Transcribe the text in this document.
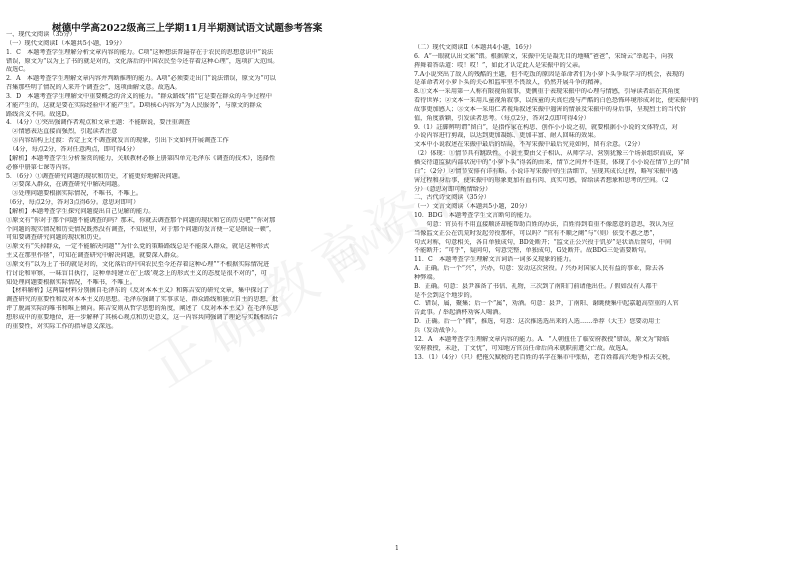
树德中学高2022级高三上学期11月半期测试语文试题参考答案
一、现代文阅读（35分）
（一）现代文阅读Ⅰ（本题共5小题，19分）
1．C　本题考查学生理解分析文章内容的能力。C项“这种想法普遍存在于农民的思想意识中”说法
错误，原文为“以为上了书的就是对的，文化落后的中国农民至今还存着这种心理”，选项扩大范围。
故选C。
2．A　本题考查学生理解文章内容并判断推理的能力。A项“必须要走出门”说法错误，原文为“可以
召集那些明了情况的人来开个调查会”，选项曲解文意。故选A。
3．D　本题考查学生理解文中重要概念的含义的能力。“群众路线”指“它是要在群众的斗争过程中
才能产生的，这就是要在实际经验中才能产生”。D项核心内容为“为人民服务”，与原文的群众
路线含义不同。故选D。
4．（4分）①突出强调作者观点和文章主题：不能瞎说，要注重调查
　②情感表达直接而强烈，引起读者注意
　③内容结构上过渡：否定上文不调查就发言的现象，引出下文如何开展调查工作
　（4分，每点2分，答对任意两点，即可得4分）
【解析】本题考查学生分析鉴赏的能力，关联教材必修上册第四单元毛泽东《调查的技术》，选择性
必修中册第七课等内容。
5．（6分）①调查研究问题的现状和历史，才能更好地解决问题。
　②要深入群众，在调查研究中解决问题。
　③处理问题要根据实际情况，不唯书，不唯上。
（6分，每点2分，答对3点得6分。意思对即可）
【解析】本题考查学生探究问题提出自己见解的能力。
①原文有“你对于那个问题不能调查的吗？那末，你就去调查那个问题的现状和它的历史吧”“你对那
个问题的现实情况和历史情况既然没有调查，不知底里，对于那个问题的发言便一定是瞎说一顿”，
可知要调查研究问题的现状和历史。
②原文有“失掉群众，一定不能解决问题”“为什么党的策略路线总是不能深入群众，就是这种形式
主义在那里作怪”，可知在调查研究中解决问题，就要深入群众。
③原文有“以为上了书的就是对的，文化落后的中国农民至今还存着这种心理”“不根据实际情况进
行讨论和审察，一味盲目执行，这种单纯建立在‘上级’观念上的形式主义的态度是很不对的”，可
知处理问题要根据实际情况，不唯书，不唯上。
　【材料解析】这两篇材料分别摘自毛泽东的《反对本本主义》和陈吉安的研究文章，集中探讨了
调查研究的重要性和反对本本主义的思想。毛泽东强调了实事求是、群众路线和独立自主的思想，批
评了脱离实际的唯书和唯上倾向。陈吉安则从哲学思想的角度，阐述了《反对本本主义》在毛泽东思
想形成中的重要地位，进一步解释了其核心观点和历史意义，这一内容共同强调了理论与实践相结合
的重要性，对实际工作的指导意义深远。
（二）现代文阅读Ⅱ（本题共4小题，16分）
6．A“一眼就认出文案”错。根据原文，宋振中先是凝无目的地喊“爸爸”，宋绮云“举起手，向我
挥舞着答话道：哎！哎！”，如此才认定此人是宋振中的父亲。
7.A小说突出了敌人的残酷的主题，但不吃饭的原因是革命者们为小萝卜头争取学习的机会，表现的
是革命者对小萝卜头的关心和监牢里不畏敌人，仍然开展斗争的精神。
8.①文本一采用第一人称有限视角叙事，更侧重于表现宋振中的心理与情感，引导读者站在其角度
看待世界；②文本一采用儿童视角叙事，以孩童的天真烂漫与严酷的白色恐怖环境形成对比，使宋振中的
故事更加感人；③文本一采用仁者视角叙述宋振中遇害的情景及宋振中的身后事，呈现烈士的当代价
值，角度新颖，引发读者思考。（每点2分，答对2点即可得4分）
9.（1）註脚辨明谓“留白”，是指作家在构思、创作小小说之初，就要根据小小说的文体特点，对
小说内容进行剪裁，以达到更加凝练、更加丰富、耐人回味的效果。
文本中小说叙述在宋振中最后的结局，不写宋振中最后究竟如何，留有余意。（2分）
（2）体现：①情节具有跳跃性。小说主要由父子相认、从师学习、营别犹豫三个场景组织而成，穿
插交待道监狱内部状况中的“小萝卜头”得名的由来，情节之间并不连贯，体现了小小说在情节上的“留
白”；（2分）②情节安排有详有略。小说详写宋振中的生活细节，呈现其成长过程，略写宋振中遇
害过程和身后事，使宋振中的形象更加有血有肉、真实可感，留给读者想象和思考的空间。（2
分）（意思对即可酌情给分）
二、古代诗文阅读（35分）
（一）文言文阅读（本题共5小题，20分）
10．BDG　本题考查学生文言断句的能力。
　　句意：官员有不用直接顺济却能帮助百姓的办法，百姓得到看重不像愿意的意思，我认为应
当像监文正公在饥荒时发起劳役那样，可以吗？“官有不顺之阑”与“（则）依受不惠之患”，
句式对称，句意相关，各自单独成句，BD处断开；“监文正公兴役于饥岁”是状语后置句，中间
不能断开；“可乎”，疑问句，句意完整，单独成句，G处断开。故BDG三处需要断句。
11．C　本题考查学生理解文言词语一词多义现象的能力。
A．正确。后一个“兴”，兴办，句意：发动这次营役。/ 兴办对国家人民有益的事业，除去各
种弊端。
B．正确。句意：县尹准备了书信、礼物，三次到了南阳门前请他出任。/ 假如没有人都干
是不会到这个地步的。
C．错误，属，聚集；后一个“属”，劝酒。句意：县尹，丁南阳、谢眺便集中起嘉超高望重的人官
告此事。/ 举起酒杯劝客人喝酒。
D．正确。后一个“拥”，推选，句意：这次推选选出来的人选……举荐（大王）您要动用士
兵（发动战争）。
12．A　本题考查学生理解文章内容的能力。A．“人朝扭任了临安府教授”错误，原文为“除临
安府教授，未赴，丁文忧”，可知地方官员任命后尚未就职前遭父亡故。故选A。
13．（1）（4分）（只）把拖欠赋税的老百姓的名字在集市中张贴，老百姓都高兴地争相去交税，
1
